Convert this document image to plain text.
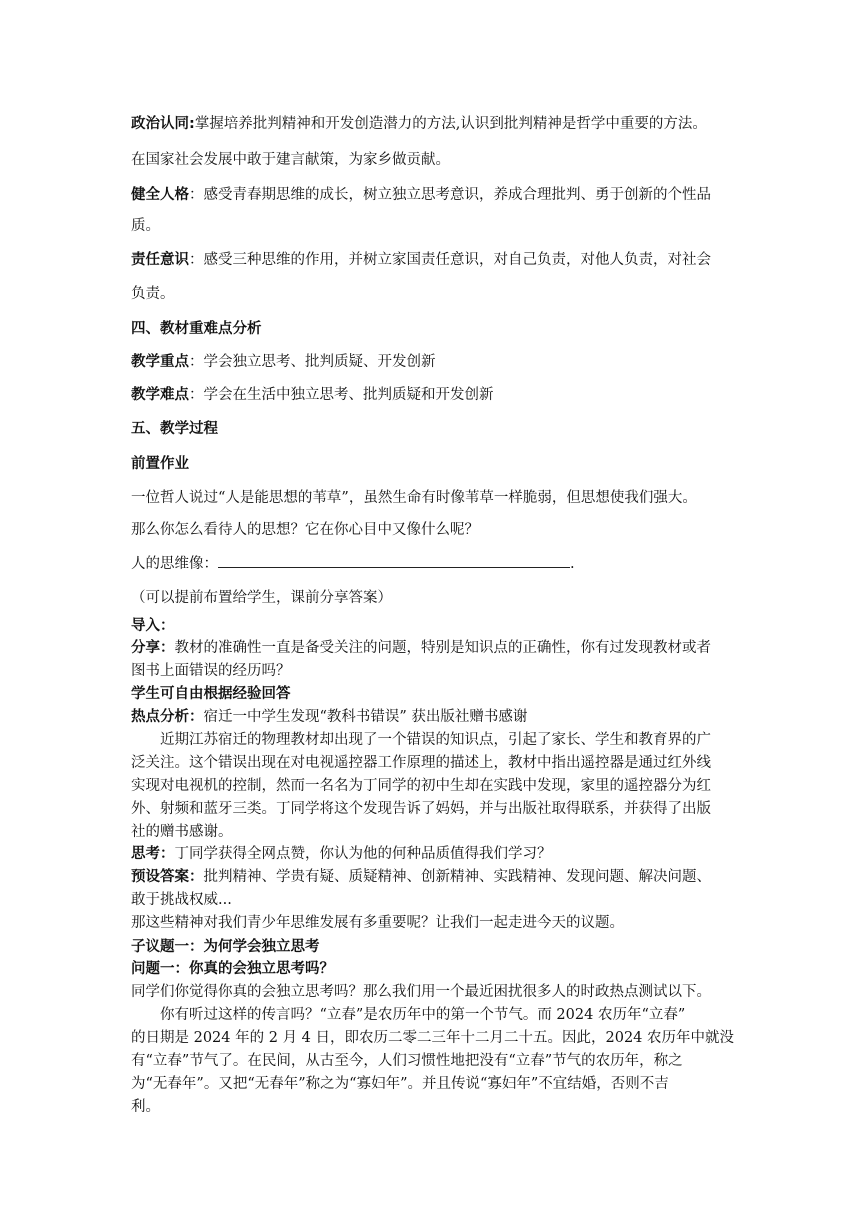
政治认同:掌握培养批判精神和开发创造潜力的方法,认识到批判精神是哲学中重要的方法。
在国家社会发展中敢于建言献策，为家乡做贡献。
健全人格：感受青春期思维的成长，树立独立思考意识，养成合理批判、勇于创新的个性品
质。
责任意识：感受三种思维的作用，并树立家国责任意识，对自己负责，对他人负责，对社会
负责。
四、教材重难点分析
教学重点：学会独立思考、批判质疑、开发创新
教学难点：学会在生活中独立思考、批判质疑和开发创新
五、教学过程
前置作业
一位哲人说过“人是能思想的苇草”，虽然生命有时像苇草一样脆弱，但思想使我们强大。
那么你怎么看待人的思想？它在你心目中又像什么呢？
人的思维像：	.
（可以提前布置给学生，课前分享答案）
导入：
分享：教材的准确性一直是备受关注的问题，特别是知识点的正确性，你有过发现教材或者
图书上面错误的经历吗？
学生可自由根据经验回答
热点分析：宿迁一中学生发现“教科书错误” 获出版社赠书感谢
近期江苏宿迁的物理教材却出现了一个错误的知识点，引起了家长、学生和教育界的广
泛关注。这个错误出现在对电视遥控器工作原理的描述上，教材中指出遥控器是通过红外线
实现对电视机的控制，然而一名名为丁同学的初中生却在实践中发现，家里的遥控器分为红
外、射频和蓝牙三类。丁同学将这个发现告诉了妈妈，并与出版社取得联系，并获得了出版
社的赠书感谢。
思考：丁同学获得全网点赞，你认为他的何种品质值得我们学习？
预设答案：批判精神、学贵有疑、质疑精神、创新精神、实践精神、发现问题、解决问题、
敢于挑战权威...
那这些精神对我们青少年思维发展有多重要呢？让我们一起走进今天的议题。
子议题一：为何学会独立思考
问题一：你真的会独立思考吗？
同学们你觉得你真的会独立思考吗？那么我们用一个最近困扰很多人的时政热点测试以下。
你有听过这样的传言吗？“立春”是农历年中的第一个节气。而 2024 农历年“立春”
的日期是 2024 年的 2 月 4 日，即农历二零二三年十二月二十五。因此，2024 农历年中就没
有“立春”节气了。在民间，从古至今，人们习惯性地把没有“立春”节气的农历年，称之
为“无春年”。又把“无春年”称之为“寡妇年”。并且传说“寡妇年”不宜结婚，否则不吉
利。
